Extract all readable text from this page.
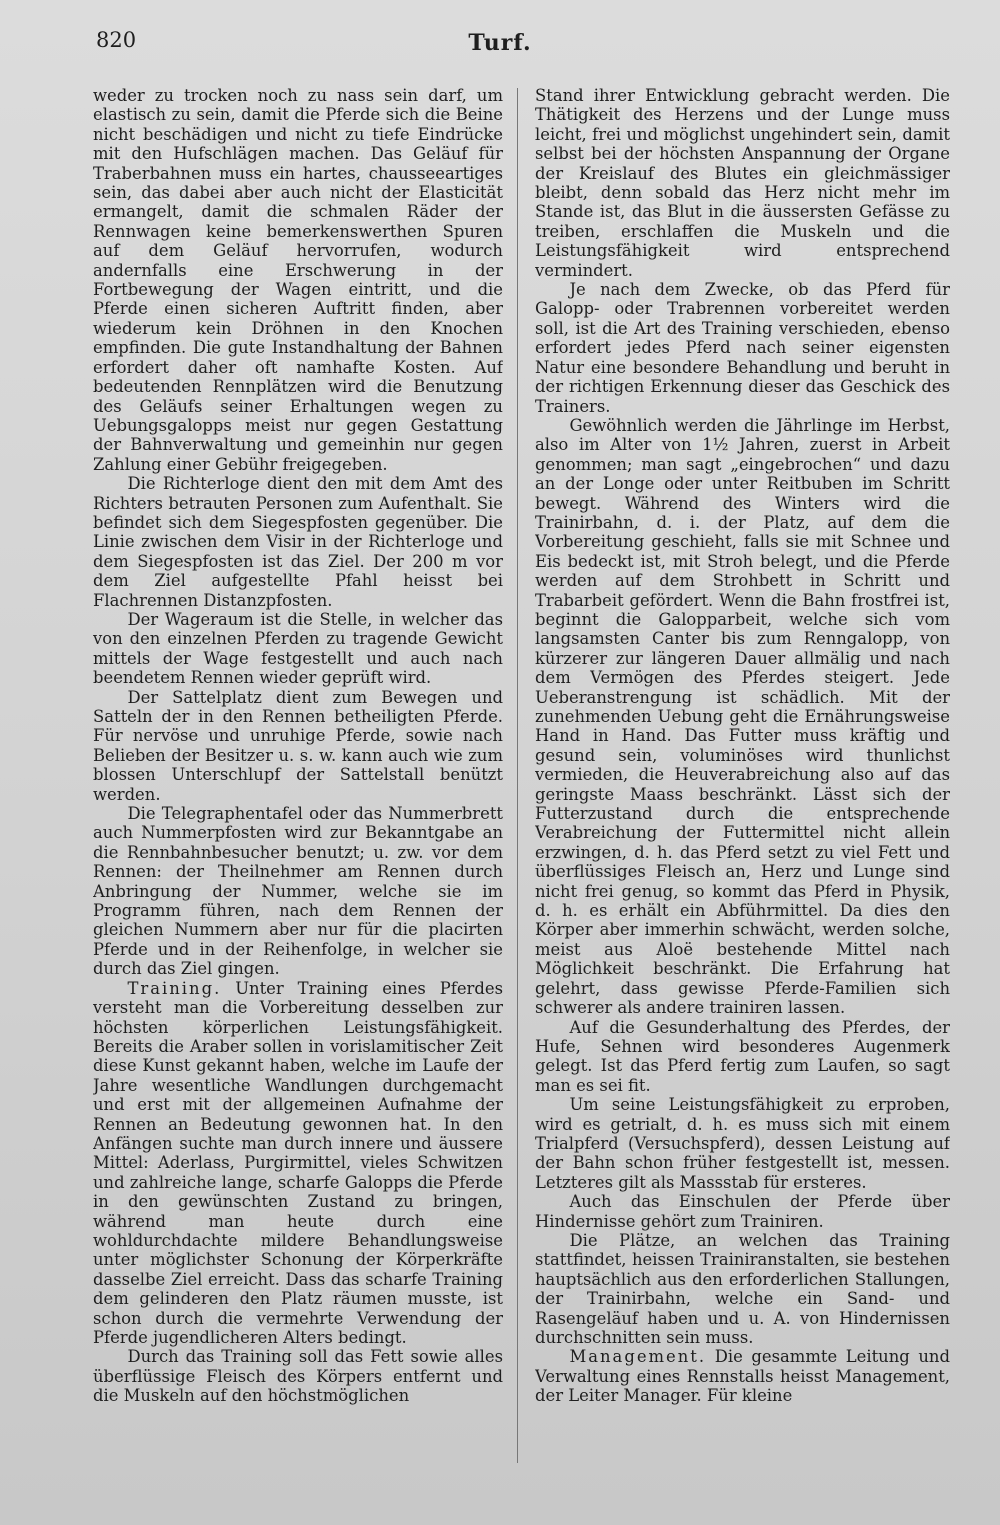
820	Turf.

weder zu trocken noch zu nass sein darf, um elastisch zu sein, damit die Pferde sich die Beine nicht beschädigen und nicht zu tiefe Eindrücke mit den Hufschlägen machen. Das Geläuf für Traberbahnen muss ein hartes, chausseeartiges sein, das dabei aber auch nicht der Elasticität ermangelt, damit die schmalen Räder der Rennwagen keine bemerkenswerthen Spuren auf dem Geläuf hervorrufen, wodurch andernfalls eine Erschwerung in der Fortbewegung der Wagen eintritt, und die Pferde einen sicheren Auftritt finden, aber wiederum kein Dröhnen in den Knochen empfinden. Die gute Instandhaltung der Bahnen erfordert daher oft namhafte Kosten. Auf bedeutenden Rennplätzen wird die Benutzung des Geläufs seiner Erhaltungen wegen zu Uebungsgalopps meist nur gegen Gestattung der Bahnverwaltung und gemeinhin nur gegen Zahlung einer Gebühr freigegeben.

Die Richterloge dient den mit dem Amt des Richters betrauten Personen zum Aufenthalt. Sie befindet sich dem Siegespfosten gegenüber. Die Linie zwischen dem Visir in der Richterloge und dem Siegespfosten ist das Ziel. Der 200 m vor dem Ziel aufgestellte Pfahl heisst bei Flachrennen Distanzpfosten.

Der Wageraum ist die Stelle, in welcher das von den einzelnen Pferden zu tragende Gewicht mittels der Wage festgestellt und auch nach beendetem Rennen wieder geprüft wird.

Der Sattelplatz dient zum Bewegen und Satteln der in den Rennen betheiligten Pferde. Für nervöse und unruhige Pferde, sowie nach Belieben der Besitzer u. s. w. kann auch wie zum blossen Unterschlupf der Sattelstall benützt werden.

Die Telegraphentafel oder das Nummerbrett auch Nummerpfosten wird zur Bekanntgabe an die Rennbahnbesucher benutzt; u. zw. vor dem Rennen: der Theilnehmer am Rennen durch Anbringung der Nummer, welche sie im Programm führen, nach dem Rennen der gleichen Nummern aber nur für die placirten Pferde und in der Reihenfolge, in welcher sie durch das Ziel gingen.

Training. Unter Training eines Pferdes versteht man die Vorbereitung desselben zur höchsten körperlichen Leistungsfähigkeit. Bereits die Araber sollen in vorislamitischer Zeit diese Kunst gekannt haben, welche im Laufe der Jahre wesentliche Wandlungen durchgemacht und erst mit der allgemeinen Aufnahme der Rennen an Bedeutung gewonnen hat. In den Anfängen suchte man durch innere und äussere Mittel: Aderlass, Purgirmittel, vieles Schwitzen und zahlreiche lange, scharfe Galopps die Pferde in den gewünschten Zustand zu bringen, während man heute durch eine wohldurchdachte mildere Behandlungsweise unter möglichster Schonung der Körperkräfte dasselbe Ziel erreicht. Dass das scharfe Training dem gelinderen den Platz räumen musste, ist schon durch die vermehrte Verwendung der Pferde jugendlicheren Alters bedingt.

Durch das Training soll das Fett sowie alles überflüssige Fleisch des Körpers entfernt und die Muskeln auf den höchstmöglichen

Stand ihrer Entwicklung gebracht werden. Die Thätigkeit des Herzens und der Lunge muss leicht, frei und möglichst ungehindert sein, damit selbst bei der höchsten Anspannung der Organe der Kreislauf des Blutes ein gleichmässiger bleibt, denn sobald das Herz nicht mehr im Stande ist, das Blut in die äussersten Gefässe zu treiben, erschlaffen die Muskeln und die Leistungsfähigkeit wird entsprechend vermindert.

Je nach dem Zwecke, ob das Pferd für Galopp- oder Trabrennen vorbereitet werden soll, ist die Art des Training verschieden, ebenso erfordert jedes Pferd nach seiner eigensten Natur eine besondere Behandlung und beruht in der richtigen Erkennung dieser das Geschick des Trainers.

Gewöhnlich werden die Jährlinge im Herbst, also im Alter von 1½ Jahren, zuerst in Arbeit genommen; man sagt „eingebrochen“ und dazu an der Longe oder unter Reitbuben im Schritt bewegt. Während des Winters wird die Trainirbahn, d. i. der Platz, auf dem die Vorbereitung geschieht, falls sie mit Schnee und Eis bedeckt ist, mit Stroh belegt, und die Pferde werden auf dem Strohbett in Schritt und Trabarbeit gefördert. Wenn die Bahn frostfrei ist, beginnt die Galopparbeit, welche sich vom langsamsten Canter bis zum Renngalopp, von kürzerer zur längeren Dauer allmälig und nach dem Vermögen des Pferdes steigert. Jede Ueberanstrengung ist schädlich. Mit der zunehmenden Uebung geht die Ernährungsweise Hand in Hand. Das Futter muss kräftig und gesund sein, voluminöses wird thunlichst vermieden, die Heuverabreichung also auf das geringste Maass beschränkt. Lässt sich der Futterzustand durch die entsprechende Verabreichung der Futtermittel nicht allein erzwingen, d. h. das Pferd setzt zu viel Fett und überflüssiges Fleisch an, Herz und Lunge sind nicht frei genug, so kommt das Pferd in Physik, d. h. es erhält ein Abführmittel. Da dies den Körper aber immerhin schwächt, werden solche, meist aus Aloë bestehende Mittel nach Möglichkeit beschränkt. Die Erfahrung hat gelehrt, dass gewisse Pferde-Familien sich schwerer als andere trainiren lassen.

Auf die Gesunderhaltung des Pferdes, der Hufe, Sehnen wird besonderes Augenmerk gelegt. Ist das Pferd fertig zum Laufen, so sagt man es sei fit.

Um seine Leistungsfähigkeit zu erproben, wird es getrialt, d. h. es muss sich mit einem Trialpferd (Versuchspferd), dessen Leistung auf der Bahn schon früher festgestellt ist, messen. Letzteres gilt als Massstab für ersteres.

Auch das Einschulen der Pferde über Hindernisse gehört zum Trainiren.

Die Plätze, an welchen das Training stattfindet, heissen Trainiranstalten, sie bestehen hauptsächlich aus den erforderlichen Stallungen, der Trainirbahn, welche ein Sand- und Rasengeläuf haben und u. A. von Hindernissen durchschnitten sein muss.

Management. Die gesammte Leitung und Verwaltung eines Rennstalls heisst Management, der Leiter Manager. Für kleine
